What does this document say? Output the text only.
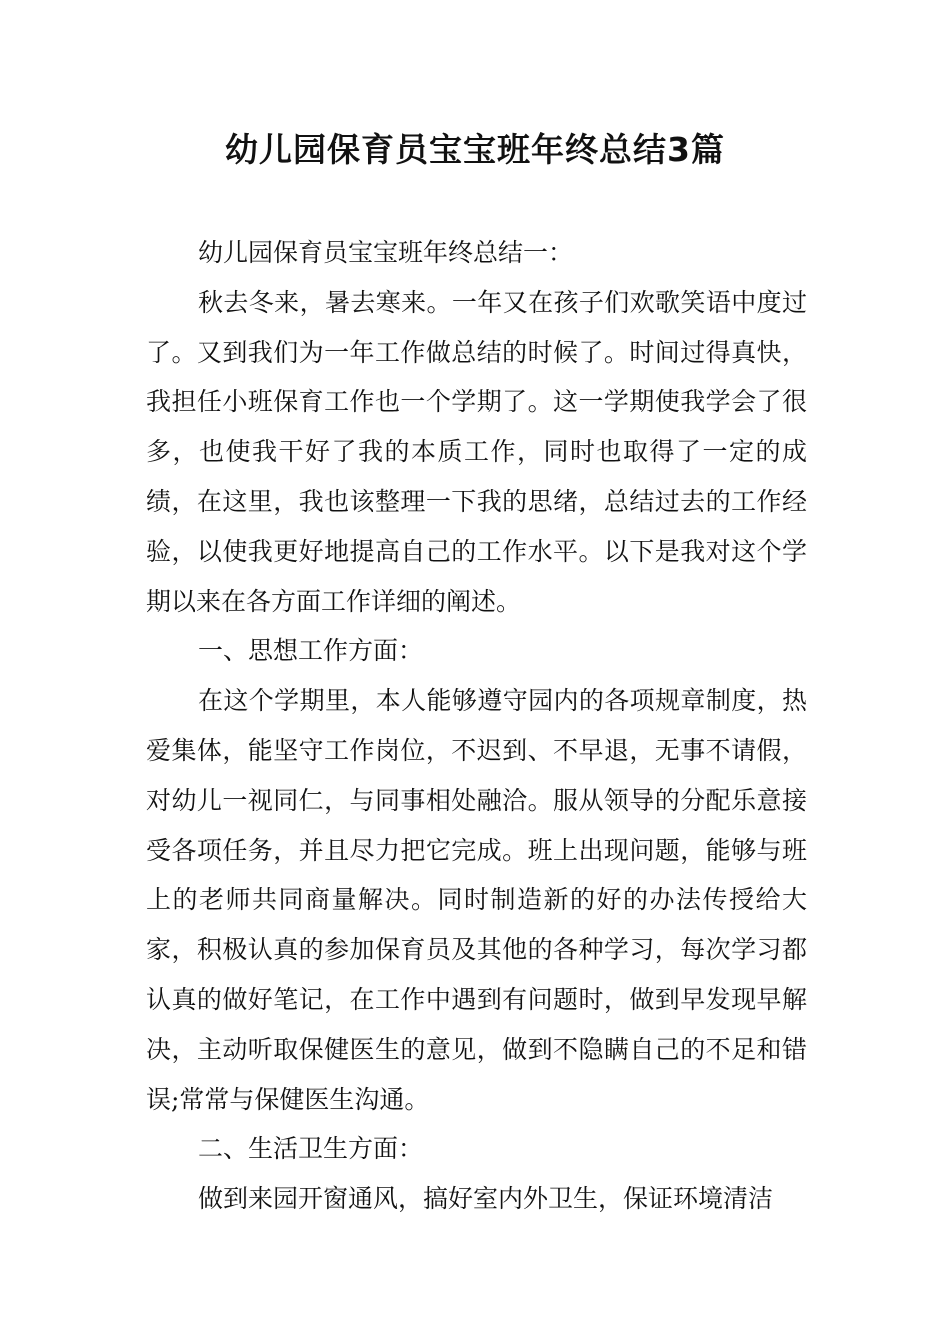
幼儿园保育员宝宝班年终总结3篇

幼儿园保育员宝宝班年终总结一：

秋去冬来，暑去寒来。一年又在孩子们欢歌笑语中度过了。又到我们为一年工作做总结的时候了。时间过得真快，我担任小班保育工作也一个学期了。这一学期使我学会了很多，也使我干好了我的本质工作，同时也取得了一定的成绩，在这里，我也该整理一下我的思绪，总结过去的工作经验，以使我更好地提高自己的工作水平。以下是我对这个学期以来在各方面工作详细的阐述。

一、思想工作方面：

在这个学期里，本人能够遵守园内的各项规章制度，热爱集体，能坚守工作岗位，不迟到、不早退，无事不请假，对幼儿一视同仁，与同事相处融洽。服从领导的分配乐意接受各项任务，并且尽力把它完成。班上出现问题，能够与班上的老师共同商量解决。同时制造新的好的办法传授给大家，积极认真的参加保育员及其他的各种学习，每次学习都认真的做好笔记，在工作中遇到有问题时，做到早发现早解决，主动听取保健医生的意见，做到不隐瞒自己的不足和错误;常常与保健医生沟通。

二、生活卫生方面：

做到来园开窗通风，搞好室内外卫生，保证环境清洁
